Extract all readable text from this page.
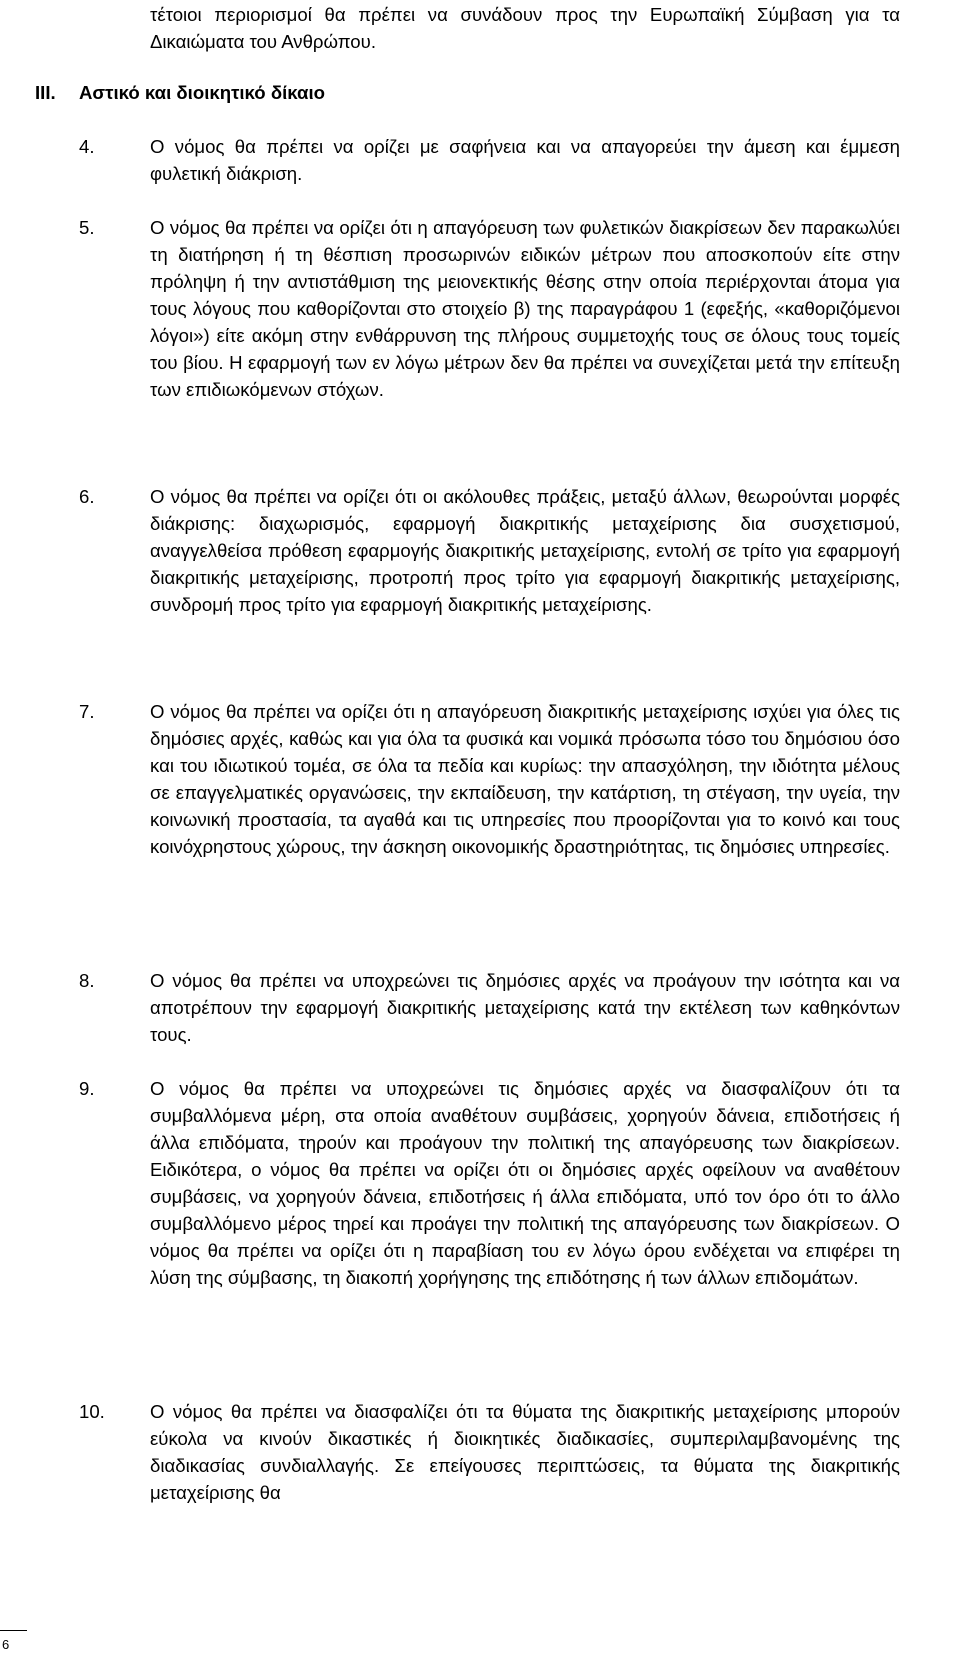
τέτοιοι περιορισμοί θα πρέπει να συνάδουν προς την Ευρωπαϊκή Σύμβαση για τα Δικαιώματα του Ανθρώπου.

III. Αστικό και διοικητικό δίκαιο
4.	Ο νόμος θα πρέπει να ορίζει με σαφήνεια και να απαγορεύει την άμεση και έμμεση φυλετική διάκριση.

5.	Ο νόμος θα πρέπει να ορίζει ότι η απαγόρευση των φυλετικών διακρίσεων δεν παρακωλύει τη διατήρηση ή τη θέσπιση προσωρινών ειδικών μέτρων που αποσκοπούν είτε στην πρόληψη ή την αντιστάθμιση της μειονεκτικής θέσης στην οποία περιέρχονται άτομα για τους λόγους που καθορίζονται στο στοιχείο β) της παραγράφου 1 (εφεξής, «καθοριζόμενοι λόγοι») είτε ακόμη στην ενθάρρυνση της πλήρους συμμετοχής τους σε όλους τους τομείς του βίου. Η εφαρμογή των εν λόγω μέτρων δεν θα πρέπει να συνεχίζεται μετά την επίτευξη των επιδιωκόμενων στόχων.

6.	Ο νόμος θα πρέπει να ορίζει ότι οι ακόλουθες πράξεις, μεταξύ άλλων, θεωρούνται μορφές διάκρισης: διαχωρισμός, εφαρμογή διακριτικής μεταχείρισης δια συσχετισμού, αναγγελθείσα πρόθεση εφαρμογής διακριτικής μεταχείρισης, εντολή σε τρίτο για εφαρμογή διακριτικής μεταχείρισης, προτροπή προς τρίτο για εφαρμογή διακριτικής μεταχείρισης, συνδρομή προς τρίτο για εφαρμογή διακριτικής μεταχείρισης.

7.	Ο νόμος θα πρέπει να ορίζει ότι η απαγόρευση διακριτικής μεταχείρισης ισχύει για όλες τις δημόσιες αρχές, καθώς και για όλα τα φυσικά και νομικά πρόσωπα τόσο του δημόσιου όσο και του ιδιωτικού τομέα, σε όλα τα πεδία και κυρίως: την απασχόληση, την ιδιότητα μέλους σε επαγγελματικές οργανώσεις, την εκπαίδευση, την κατάρτιση, τη στέγαση, την υγεία, την κοινωνική προστασία, τα αγαθά και τις υπηρεσίες που προορίζονται για το κοινό και τους κοινόχρηστους χώρους, την άσκηση οικονομικής δραστηριότητας, τις δημόσιες υπηρεσίες.

8.	Ο νόμος θα πρέπει να υποχρεώνει τις δημόσιες αρχές να προάγουν την ισότητα και να αποτρέπουν την εφαρμογή διακριτικής μεταχείρισης κατά την εκτέλεση των καθηκόντων τους.

9.	Ο νόμος θα πρέπει να υποχρεώνει τις δημόσιες αρχές να διασφαλίζουν ότι τα συμβαλλόμενα μέρη, στα οποία αναθέτουν συμβάσεις, χορηγούν δάνεια, επιδοτήσεις ή άλλα επιδόματα, τηρούν και προάγουν την πολιτική της απαγόρευσης των διακρίσεων. Ειδικότερα, ο νόμος θα πρέπει να ορίζει ότι οι δημόσιες αρχές οφείλουν να αναθέτουν συμβάσεις, να χορηγούν δάνεια, επιδοτήσεις ή άλλα επιδόματα, υπό τον όρο ότι το άλλο συμβαλλόμενο μέρος τηρεί και προάγει την πολιτική της απαγόρευσης των διακρίσεων. Ο νόμος θα πρέπει να ορίζει ότι η παραβίαση του εν λόγω όρου ενδέχεται να επιφέρει τη λύση της σύμβασης, τη διακοπή χορήγησης της επιδότησης ή των άλλων επιδομάτων.

10. Ο νόμος θα πρέπει να διασφαλίζει ότι τα θύματα της διακριτικής μεταχείρισης μπορούν εύκολα να κινούν δικαστικές ή διοικητικές διαδικασίες, συμπεριλαμβανομένης της διαδικασίας συνδιαλλαγής. Σε επείγουσες περιπτώσεις, τα θύματα της διακριτικής μεταχείρισης θα

6
